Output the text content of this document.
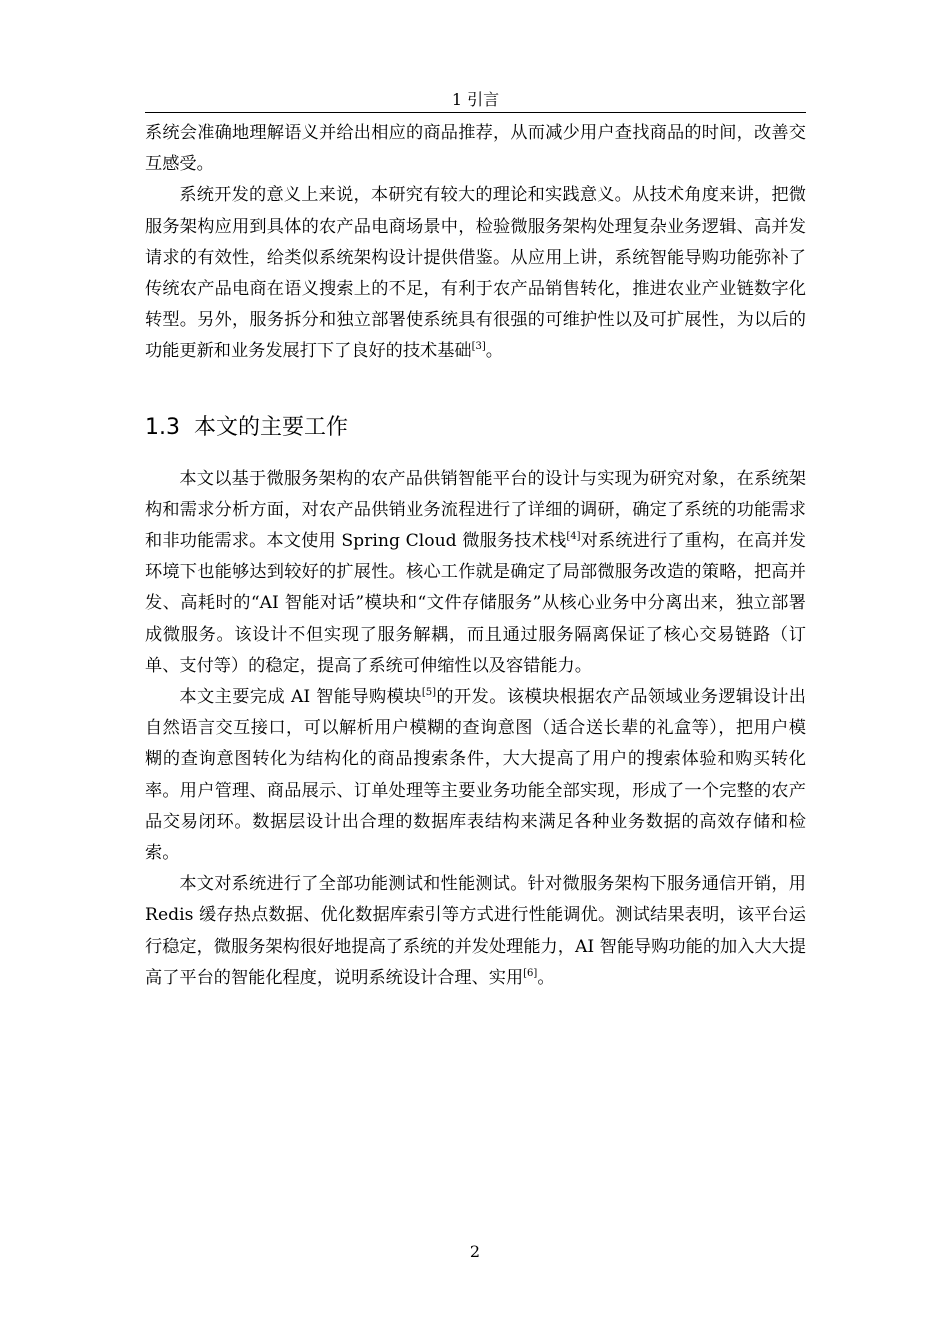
1 引言

系统会准确地理解语义并给出相应的商品推荐，从而减少用户查找商品的时间，改善交互感受。

系统开发的意义上来说，本研究有较大的理论和实践意义。从技术角度来讲，把微服务架构应用到具体的农产品电商场景中，检验微服务架构处理复杂业务逻辑、高并发请求的有效性，给类似系统架构设计提供借鉴。从应用上讲，系统智能导购功能弥补了传统农产品电商在语义搜索上的不足，有利于农产品销售转化，推进农业产业链数字化转型。另外，服务拆分和独立部署使系统具有很强的可维护性以及可扩展性，为以后的功能更新和业务发展打下了良好的技术基础[3]。

1.3 本文的主要工作

本文以基于微服务架构的农产品供销智能平台的设计与实现为研究对象，在系统架构和需求分析方面，对农产品供销业务流程进行了详细的调研，确定了系统的功能需求和非功能需求。本文使用 Spring Cloud 微服务技术栈[4]对系统进行了重构，在高并发环境下也能够达到较好的扩展性。核心工作就是确定了局部微服务改造的策略，把高并发、高耗时的“AI 智能对话”模块和“文件存储服务”从核心业务中分离出来，独立部署成微服务。该设计不但实现了服务解耦，而且通过服务隔离保证了核心交易链路（订单、支付等）的稳定，提高了系统可伸缩性以及容错能力。

本文主要完成 AI 智能导购模块[5]的开发。该模块根据农产品领域业务逻辑设计出自然语言交互接口，可以解析用户模糊的查询意图（适合送长辈的礼盒等），把用户模糊的查询意图转化为结构化的商品搜索条件，大大提高了用户的搜索体验和购买转化率。用户管理、商品展示、订单处理等主要业务功能全部实现，形成了一个完整的农产品交易闭环。数据层设计出合理的数据库表结构来满足各种业务数据的高效存储和检索。

本文对系统进行了全部功能测试和性能测试。针对微服务架构下服务通信开销，用 Redis 缓存热点数据、优化数据库索引等方式进行性能调优。测试结果表明，该平台运行稳定，微服务架构很好地提高了系统的并发处理能力，AI 智能导购功能的加入大大提高了平台的智能化程度，说明系统设计合理、实用[6]。

2
